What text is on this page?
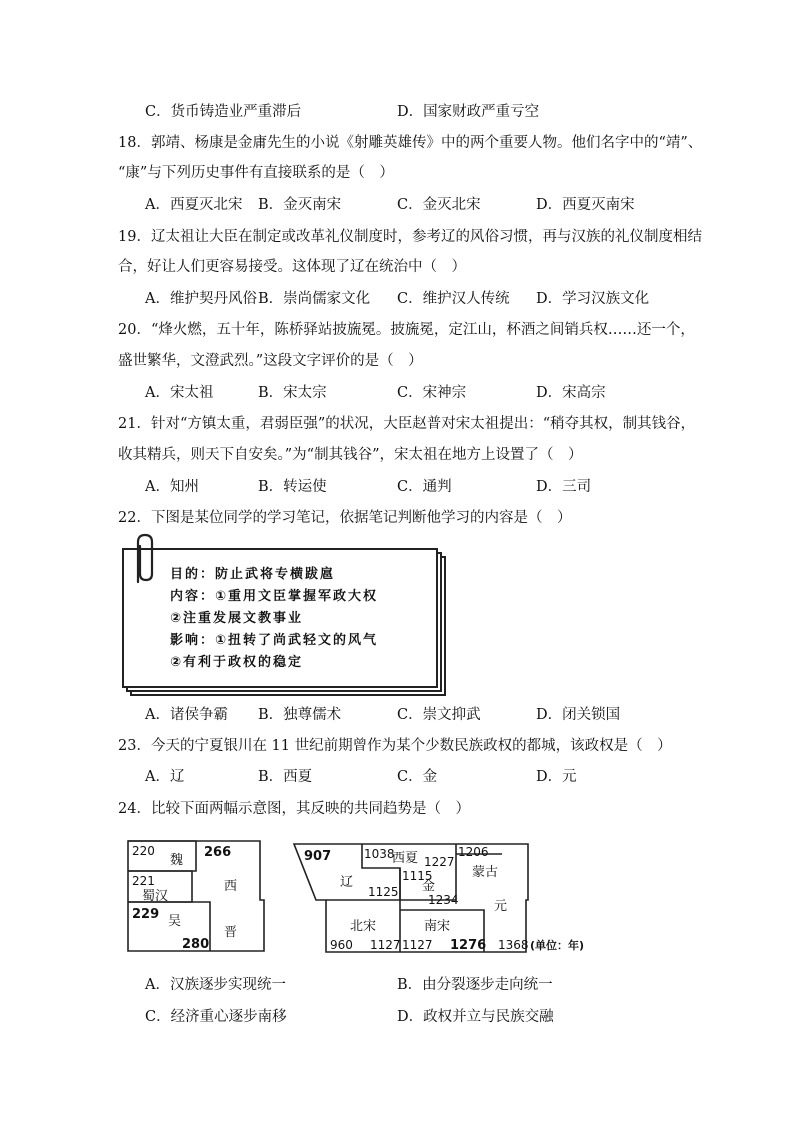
C．货币铸造业严重滞后	D．国家财政严重亏空
18．郭靖、杨康是金庸先生的小说《射雕英雄传》中的两个重要人物。他们名字中的“靖”、
“康”与下列历史事件有直接联系的是（　）
A．西夏灭北宋 B．金灭南宋	C．金灭北宋	D．西夏灭南宋
19．辽太祖让大臣在制定或改革礼仪制度时，参考辽的风俗习惯，再与汉族的礼仪制度相结
合，好让人们更容易接受。这体现了辽在统治中（　）
A．维护契丹风俗 B．崇尚儒家文化 C．维护汉人传统 D．学习汉族文化
20．“烽火燃，五十年，陈桥驿站披旒冕。披旒冕，定江山，杯酒之间销兵权……还一个，
盛世繁华，文澄武烈。”这段文字评价的是（　）
A．宋太祖	B．宋太宗	C．宋神宗	D．宋高宗
21．针对“方镇太重，君弱臣强”的状况，大臣赵普对宋太祖提出：“稍夺其权，制其钱谷，
收其精兵，则天下自安矣。”为“制其钱谷”，宋太祖在地方上设置了（　）
A．知州	B．转运使	C．通判	D．三司
22．下图是某位同学的学习笔记，依据笔记判断他学习的内容是（　）
目的：防止武将专横跋扈
内容：①重用文臣掌握军政大权
②注重发展文教事业
影响：①扭转了尚武轻文的风气
②有利于政权的稳定
A．诸侯争霸 B．独尊儒术	C．崇文抑武	D．闭关锁国
23．今天的宁夏银川在 11 世纪前期曾作为某个少数民族政权的都城，该政权是（　）
A．辽	B．西夏	C．金	D．元
24．比较下面两幅示意图，其反映的共同趋势是（　）
220
魏
266
221
蜀汉
西
229 吴
晋
280
907	1038
西夏 1227
1206
蒙古
辽	1115
金
1125
1234	元
北宋	南宋
960 1127 1127 1276 1368 (单位：年)
A．汉族逐步实现统一	B．由分裂逐步走向统一
C．经济重心逐步南移	D．政权并立与民族交融
